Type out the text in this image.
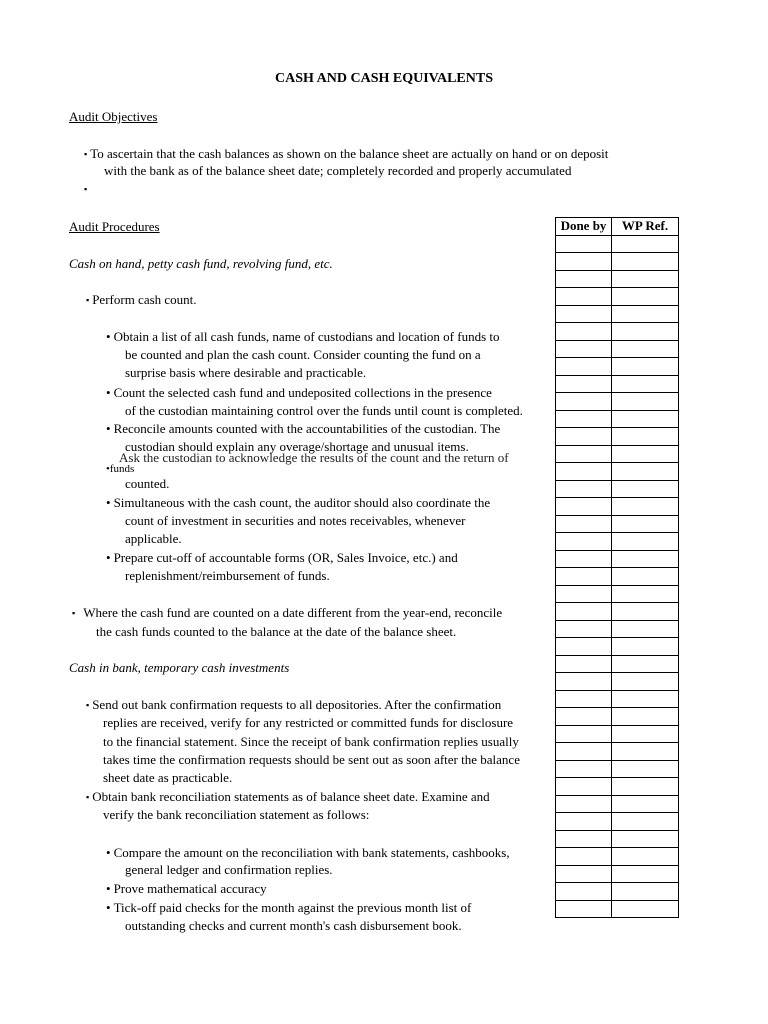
CASH AND CASH EQUIVALENTS
Audit Objectives
▪ To ascertain that the cash balances as shown on the balance sheet are actually on hand or on deposit
with the bank as of the balance sheet date; completely recorded and properly accumulated
▪
Audit Procedures
Cash on hand, petty cash fund, revolving fund, etc.
▪ Perform cash count.
• Obtain a list of all cash funds, name of custodians and location of funds to
be counted and plan the cash count. Consider counting the fund on a
surprise basis where desirable and practicable.
• Count the selected cash fund and undeposited collections in the presence
of the custodian maintaining control over the funds until count is completed.
• Reconcile amounts counted with the accountabilities of the custodian. The
custodian should explain any overage/shortage and unusual items.
Ask the custodian to acknowledge the results of the count and the return of
•funds
counted.
• Simultaneous with the cash count, the auditor should also coordinate the
count of investment in securities and notes receivables, whenever
applicable.
• Prepare cut-off of accountable forms (OR, Sales Invoice, etc.) and
replenishment/reimbursement of funds.
▪ Where the cash fund are counted on a date different from the year-end, reconcile
the cash funds counted to the balance at the date of the balance sheet.
Cash in bank, temporary cash investments
▪ Send out bank confirmation requests to all depositories. After the confirmation
replies are received, verify for any restricted or committed funds for disclosure
to the financial statement. Since the receipt of bank confirmation replies usually
takes time the confirmation requests should be sent out as soon after the balance
sheet date as practicable.
▪ Obtain bank reconciliation statements as of balance sheet date. Examine and
verify the bank reconciliation statement as follows:
• Compare the amount on the reconciliation with bank statements, cashbooks,
general ledger and confirmation replies.
• Prove mathematical accuracy
• Tick-off paid checks for the month against the previous month list of
outstanding checks and current month's cash disbursement book.
Done by	WP Ref.
